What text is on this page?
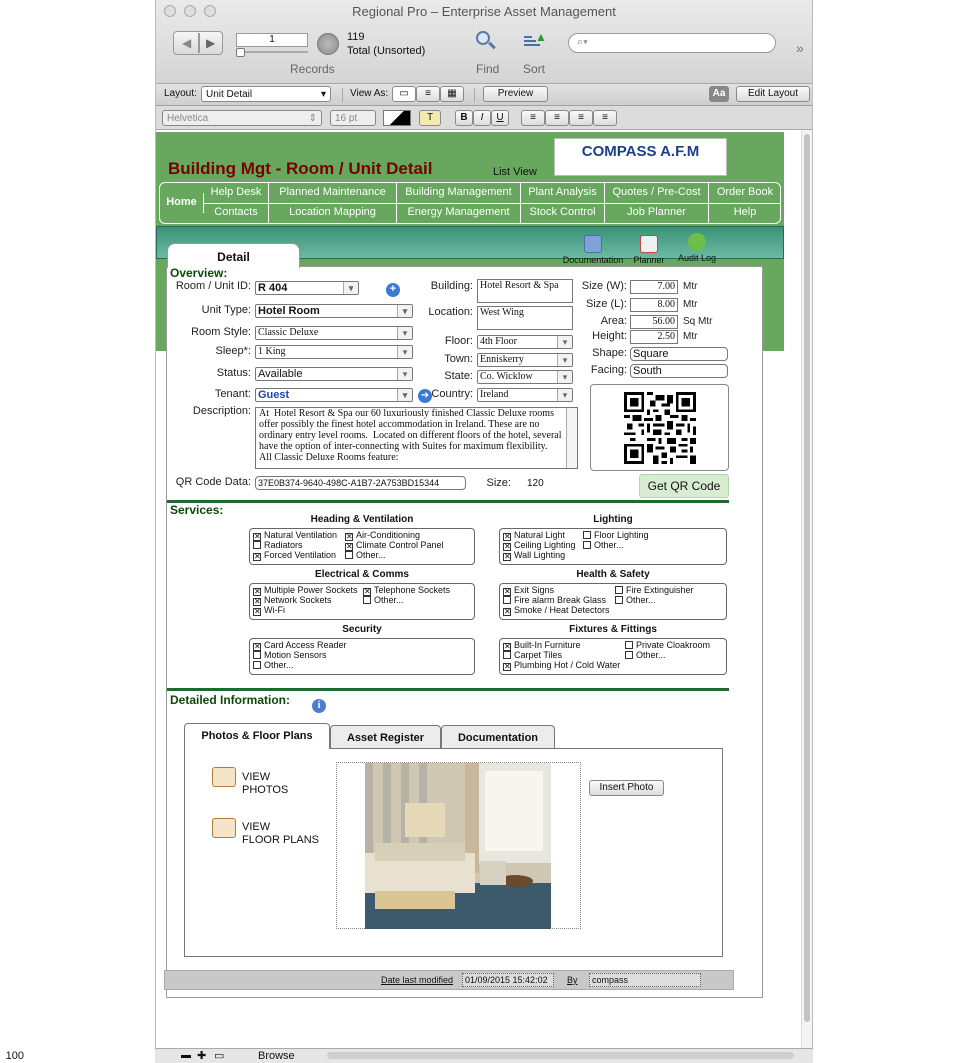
Regional Pro – Enterprise Asset Management
◀ ▶	1	119
Total (Unsorted)
Records	Find
▲
Sort
⌕▾	»
Layout: Unit Detail	▾ View As:	▭	≡	▦	Preview	Aa	Edit Layout
Helvetica	⇕	16 pt	T	B	I	U	≡	≡	≡	≡
Building Mgt - Room / Unit Detail	List View
COMPASS A.F.M
Home
Help Desk	Planned Maintenance	Building Management	Plant Analysis	Quotes / Pre-Cost	Order Book
Contacts	Location Mapping	Energy Management	Stock Control	Job Planner	Help
Detail	Documentation Planner	Audit Log
Overview:
Room / Unit ID: R 404 ▾	+
Unit Type: Hotel Room ▾
Room Style: Classic Deluxe ▾
Sleep*: 1 King ▾
Status: Available ▾
Tenant: Guest ▾	➜
Description: At  Hotel Resort & Spa our 60 luxuriously finished Classic Deluxe rooms offer possibly the finest hotel accommodation in Ireland. These are no ordinary entry level rooms.  Located on different floors of the hotel, several have the option of inter-connecting with Suites for maximum flexibility.
All Classic Deluxe Rooms feature:
Building: Hotel Resort & Spa
Location: West Wing
Floor: 4th Floor ▾
Town: Enniskerry ▾
State: Co. Wicklow ▾
Country: Ireland ▾
Size (W):	7.00 Mtr
Size (L):	8.00 Mtr
Area:	56.00 Sq Mtr
Height:	2.50 Mtr
Shape: Square
Facing: South
QR Code Data: 37E0B374-9640-498C-A1B7-2A753BD15344	Size: 120	Get QR Code
Services:
Heading & Ventilation
✕ Natural Ventilation ✕ Air-Conditioning
Radiators	✕ Climate Control Panel
✕ Forced Ventilation	Other...
Lighting
✕ Natural Light	Floor Lighting
✕ Ceiling Lighting	Other...
✕ Wall Lighting
Electrical & Comms
✕ Multiple Power Sockets ✕ Telephone Sockets
✕ Network Sockets	Other...
✕ Wi-Fi
Health & Safety
✕ Exit Signs	Fire Extinguisher
Fire alarm Break Glass	Other...
✕ Smoke / Heat Detectors
Security
✕ Card Access Reader
Motion Sensors
Other...
Fixtures & Fittings
✕ Built-In Furniture	Private Cloakroom
Carpet Tiles	Other...
✕ Plumbing Hot / Cold Water
Detailed Information:	i
Photos & Floor Plans	Asset Register	Documentation
VIEW
PHOTOS
VIEW
FLOOR PLANS
Insert Photo
Date last modified	01/09/2015 15:42:02	By	compass
100	▬ ✚ ▭	Browse
